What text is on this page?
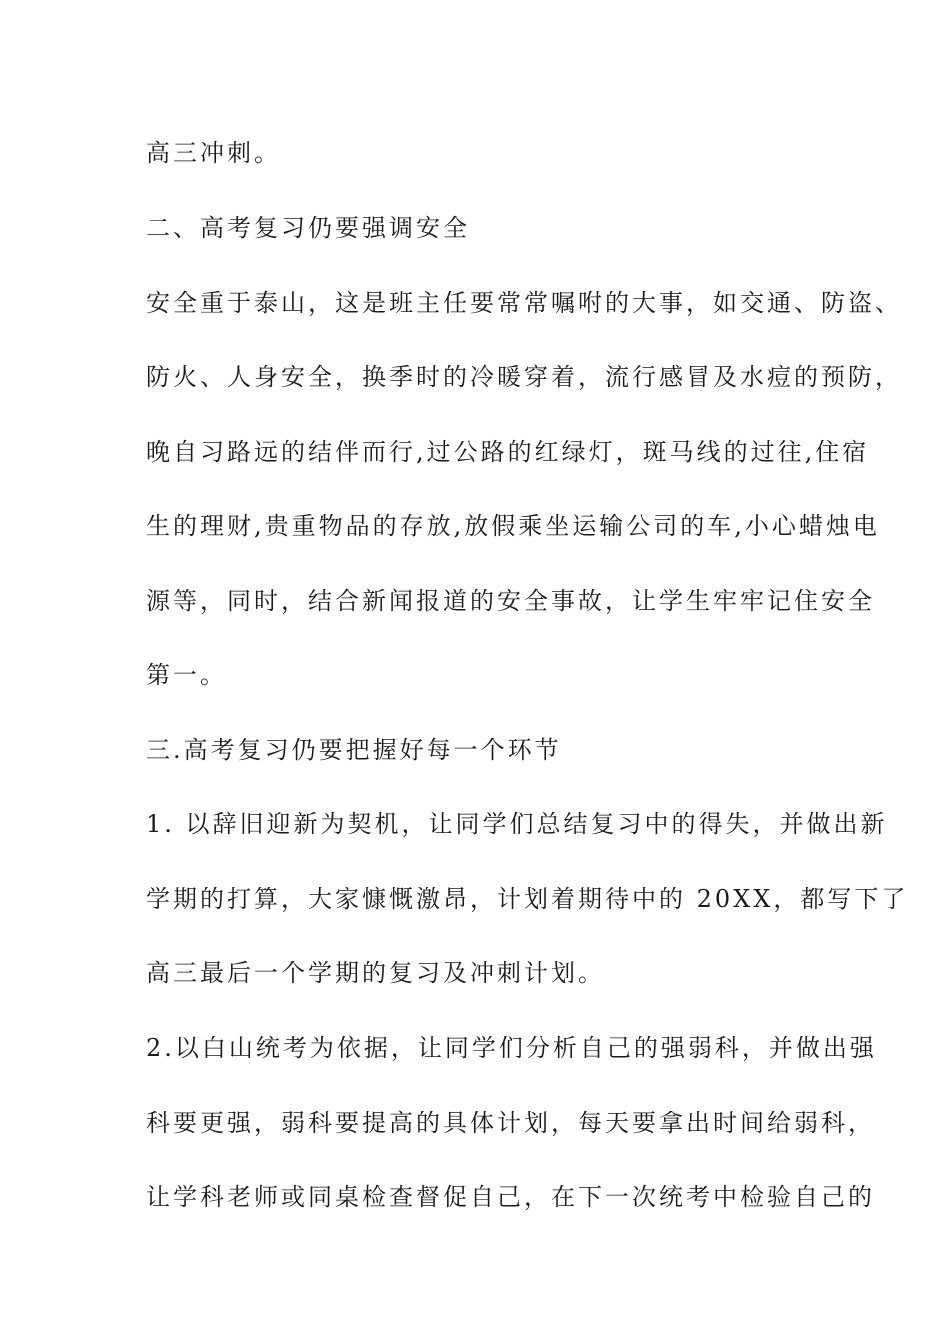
高三冲刺。
二、高考复习仍要强调安全
安全重于泰山，这是班主任要常常嘱咐的大事，如交通、防盗、
防火、人身安全，换季时的冷暖穿着，流行感冒及水痘的预防，
晚自习路远的结伴而行,过公路的红绿灯，斑马线的过往,住宿
生的理财,贵重物品的存放,放假乘坐运输公司的车,小心蜡烛电
源等，同时，结合新闻报道的安全事故，让学生牢牢记住安全
第一。
三.高考复习仍要把握好每一个环节
1. 以辞旧迎新为契机，让同学们总结复习中的得失，并做出新
学期的打算，大家慷慨激昂，计划着期待中的 20XX，都写下了
高三最后一个学期的复习及冲刺计划。
2.以白山统考为依据，让同学们分析自己的强弱科，并做出强
科要更强，弱科要提高的具体计划，每天要拿出时间给弱科，
让学科老师或同桌检查督促自己，在下一次统考中检验自己的
